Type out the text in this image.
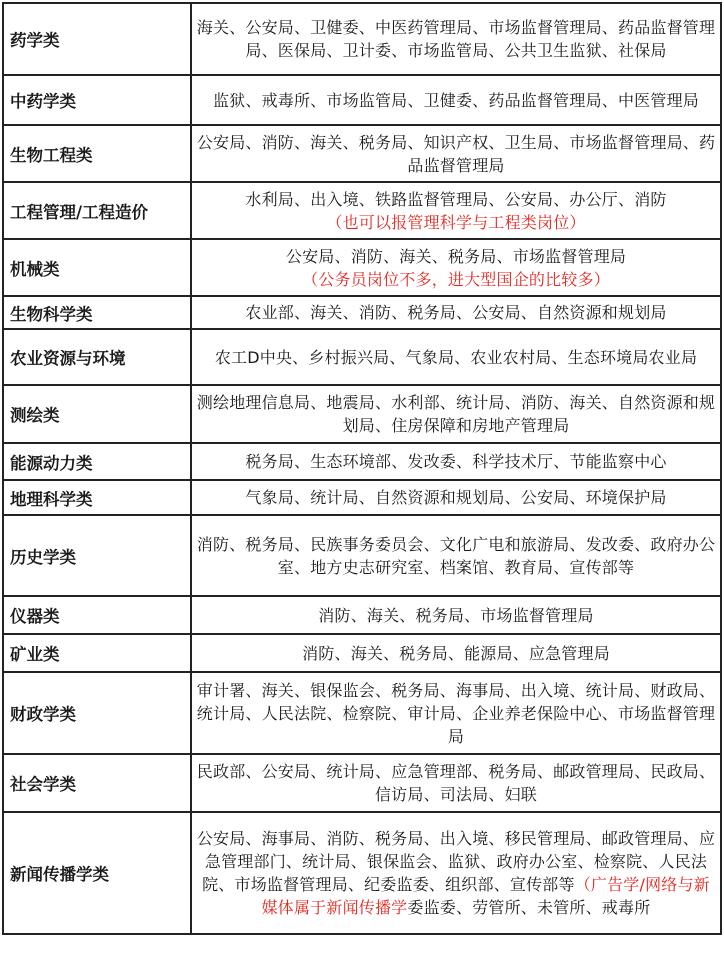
药学类	海关、公安局、卫健委、中医药管理局、市场监督管理局、药品监督管理局、医保局、卫计委、市场监管局、公共卫生监狱、社保局
中药学类	监狱、戒毒所、市场监管局、卫健委、药品监督管理局、中医管理局
生物工程类	公安局、消防、海关、税务局、知识产权、卫生局、市场监督管理局、药品监督管理局
工程管理/工程造价	水利局、出入境、铁路监督管理局、公安局、办公厅、消防
（也可以报管理科学与工程类岗位）
机械类	公安局、消防、海关、税务局、市场监督管理局
（公务员岗位不多，进大型国企的比较多）
生物科学类	农业部、海关、消防、税务局、公安局、自然资源和规划局
农业资源与环境	农工D中央、乡村振兴局、气象局、农业农村局、生态环境局农业局
测绘类	测绘地理信息局、地震局、水利部、统计局、消防、海关、自然资源和规划局、住房保障和房地产管理局
能源动力类	税务局、生态环境部、发改委、科学技术厅、节能监察中心
地理科学类	气象局、统计局、自然资源和规划局、公安局、环境保护局
历史学类	消防、税务局、民族事务委员会、文化广电和旅游局、发改委、政府办公室、地方史志研究室、档案馆、教育局、宣传部等
仪器类	消防、海关、税务局、市场监督管理局
矿业类	消防、海关、税务局、能源局、应急管理局
财政学类	审计署、海关、银保监会、税务局、海事局、出入境、统计局、财政局、统计局、人民法院、检察院、审计局、企业养老保险中心、市场监督管理局
社会学类	民政部、公安局、统计局、应急管理部、税务局、邮政管理局、民政局、信访局、司法局、妇联
新闻传播学类	公安局、海事局、消防、税务局、出入境、移民管理局、邮政管理局、应急管理部门、统计局、银保监会、监狱、政府办公室、检察院、人民法院、市场监督管理局、纪委监委、组织部、宣传部等（广告学/网络与新媒体属于新闻传播学委监委、劳管所、未管所、戒毒所
